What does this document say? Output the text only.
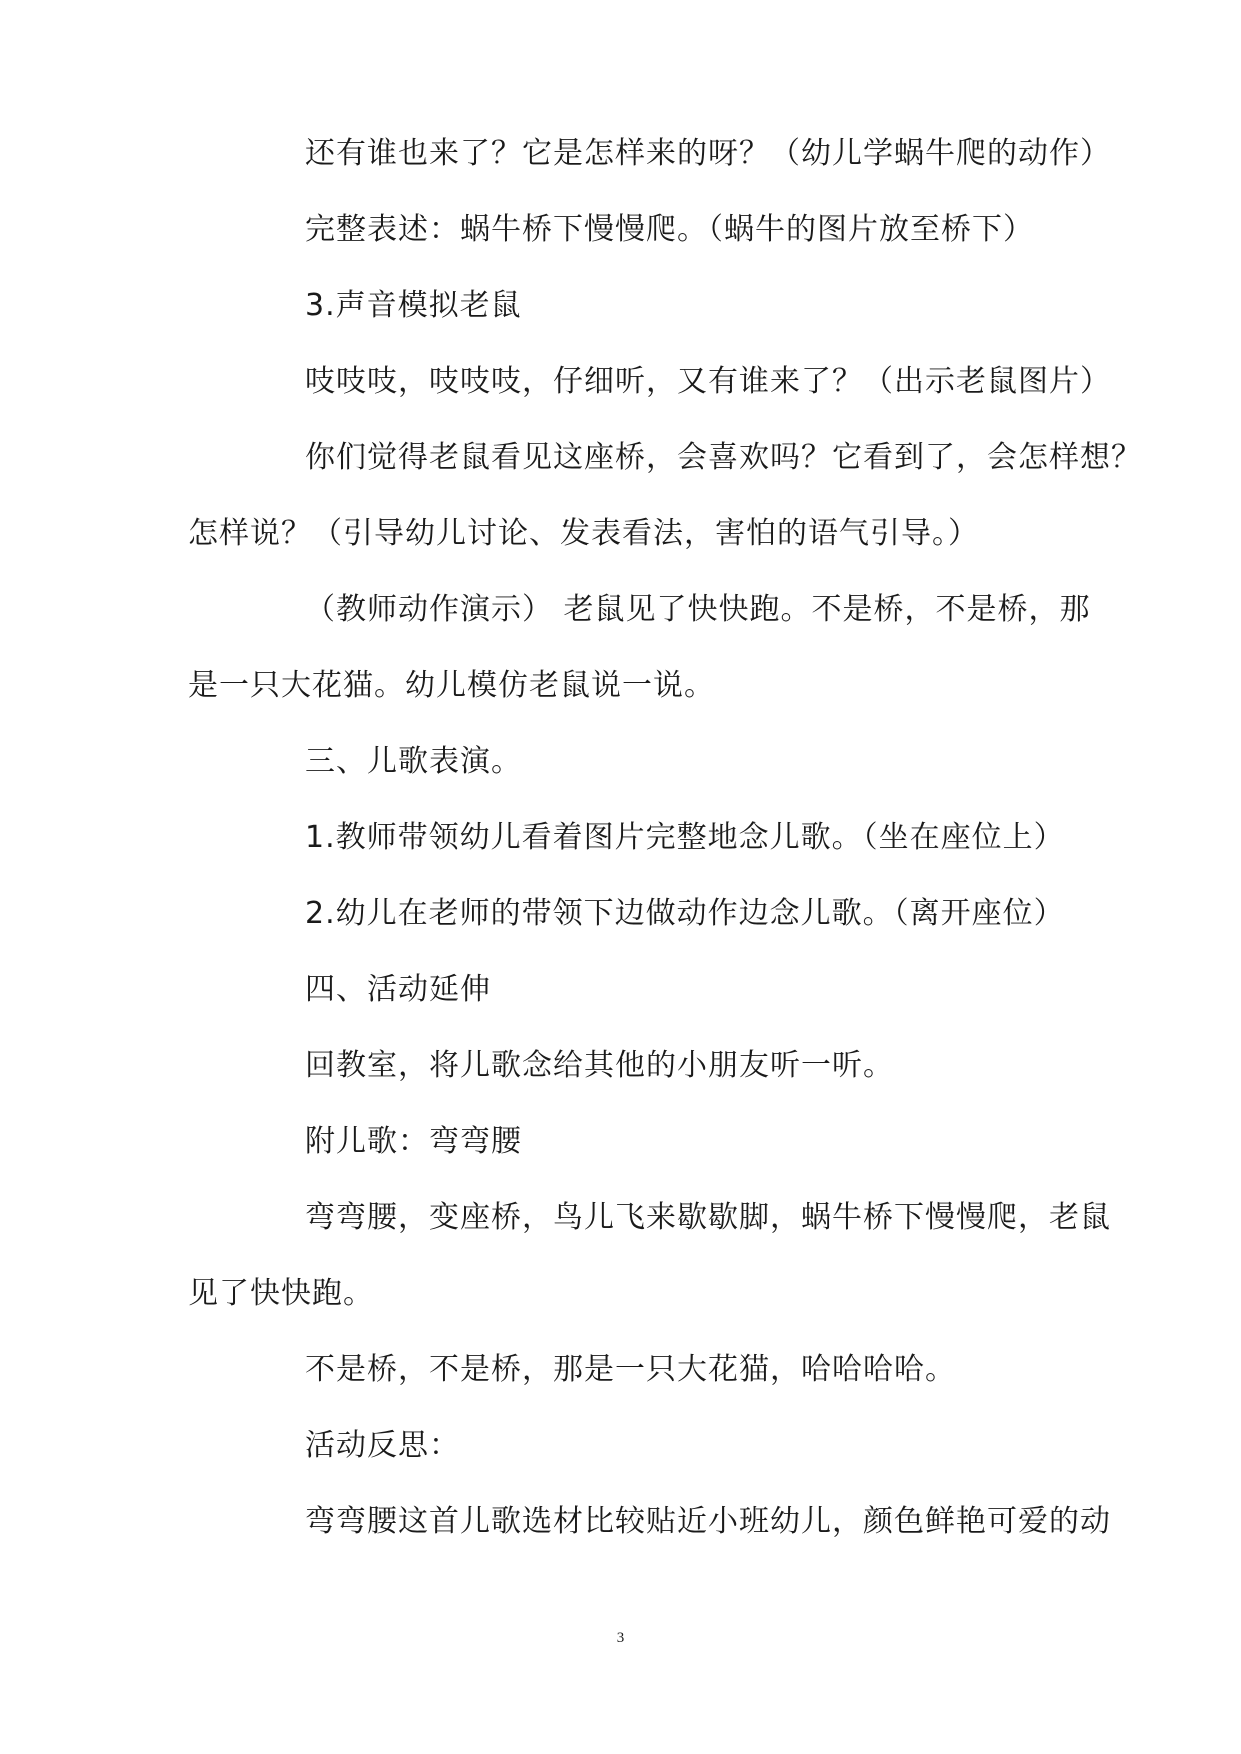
还有谁也来了？它是怎样来的呀？（幼儿学蜗牛爬的动作）
完整表述：蜗牛桥下慢慢爬。（蜗牛的图片放至桥下）
3.声音模拟老鼠
吱吱吱，吱吱吱，仔细听，又有谁来了？（出示老鼠图片）
你们觉得老鼠看见这座桥，会喜欢吗？它看到了，会怎样想？
怎样说？（引导幼儿讨论、发表看法，害怕的语气引导。）
（教师动作演示） 老鼠见了快快跑。不是桥，不是桥，那
是一只大花猫。幼儿模仿老鼠说一说。
三、儿歌表演。
1.教师带领幼儿看着图片完整地念儿歌。（坐在座位上）
2.幼儿在老师的带领下边做动作边念儿歌。（离开座位）
四、活动延伸
回教室，将儿歌念给其他的小朋友听一听。
附儿歌：弯弯腰
弯弯腰，变座桥，鸟儿飞来歇歇脚，蜗牛桥下慢慢爬，老鼠
见了快快跑。
不是桥，不是桥，那是一只大花猫，哈哈哈哈。
活动反思：
弯弯腰这首儿歌选材比较贴近小班幼儿，颜色鲜艳可爱的动
3
